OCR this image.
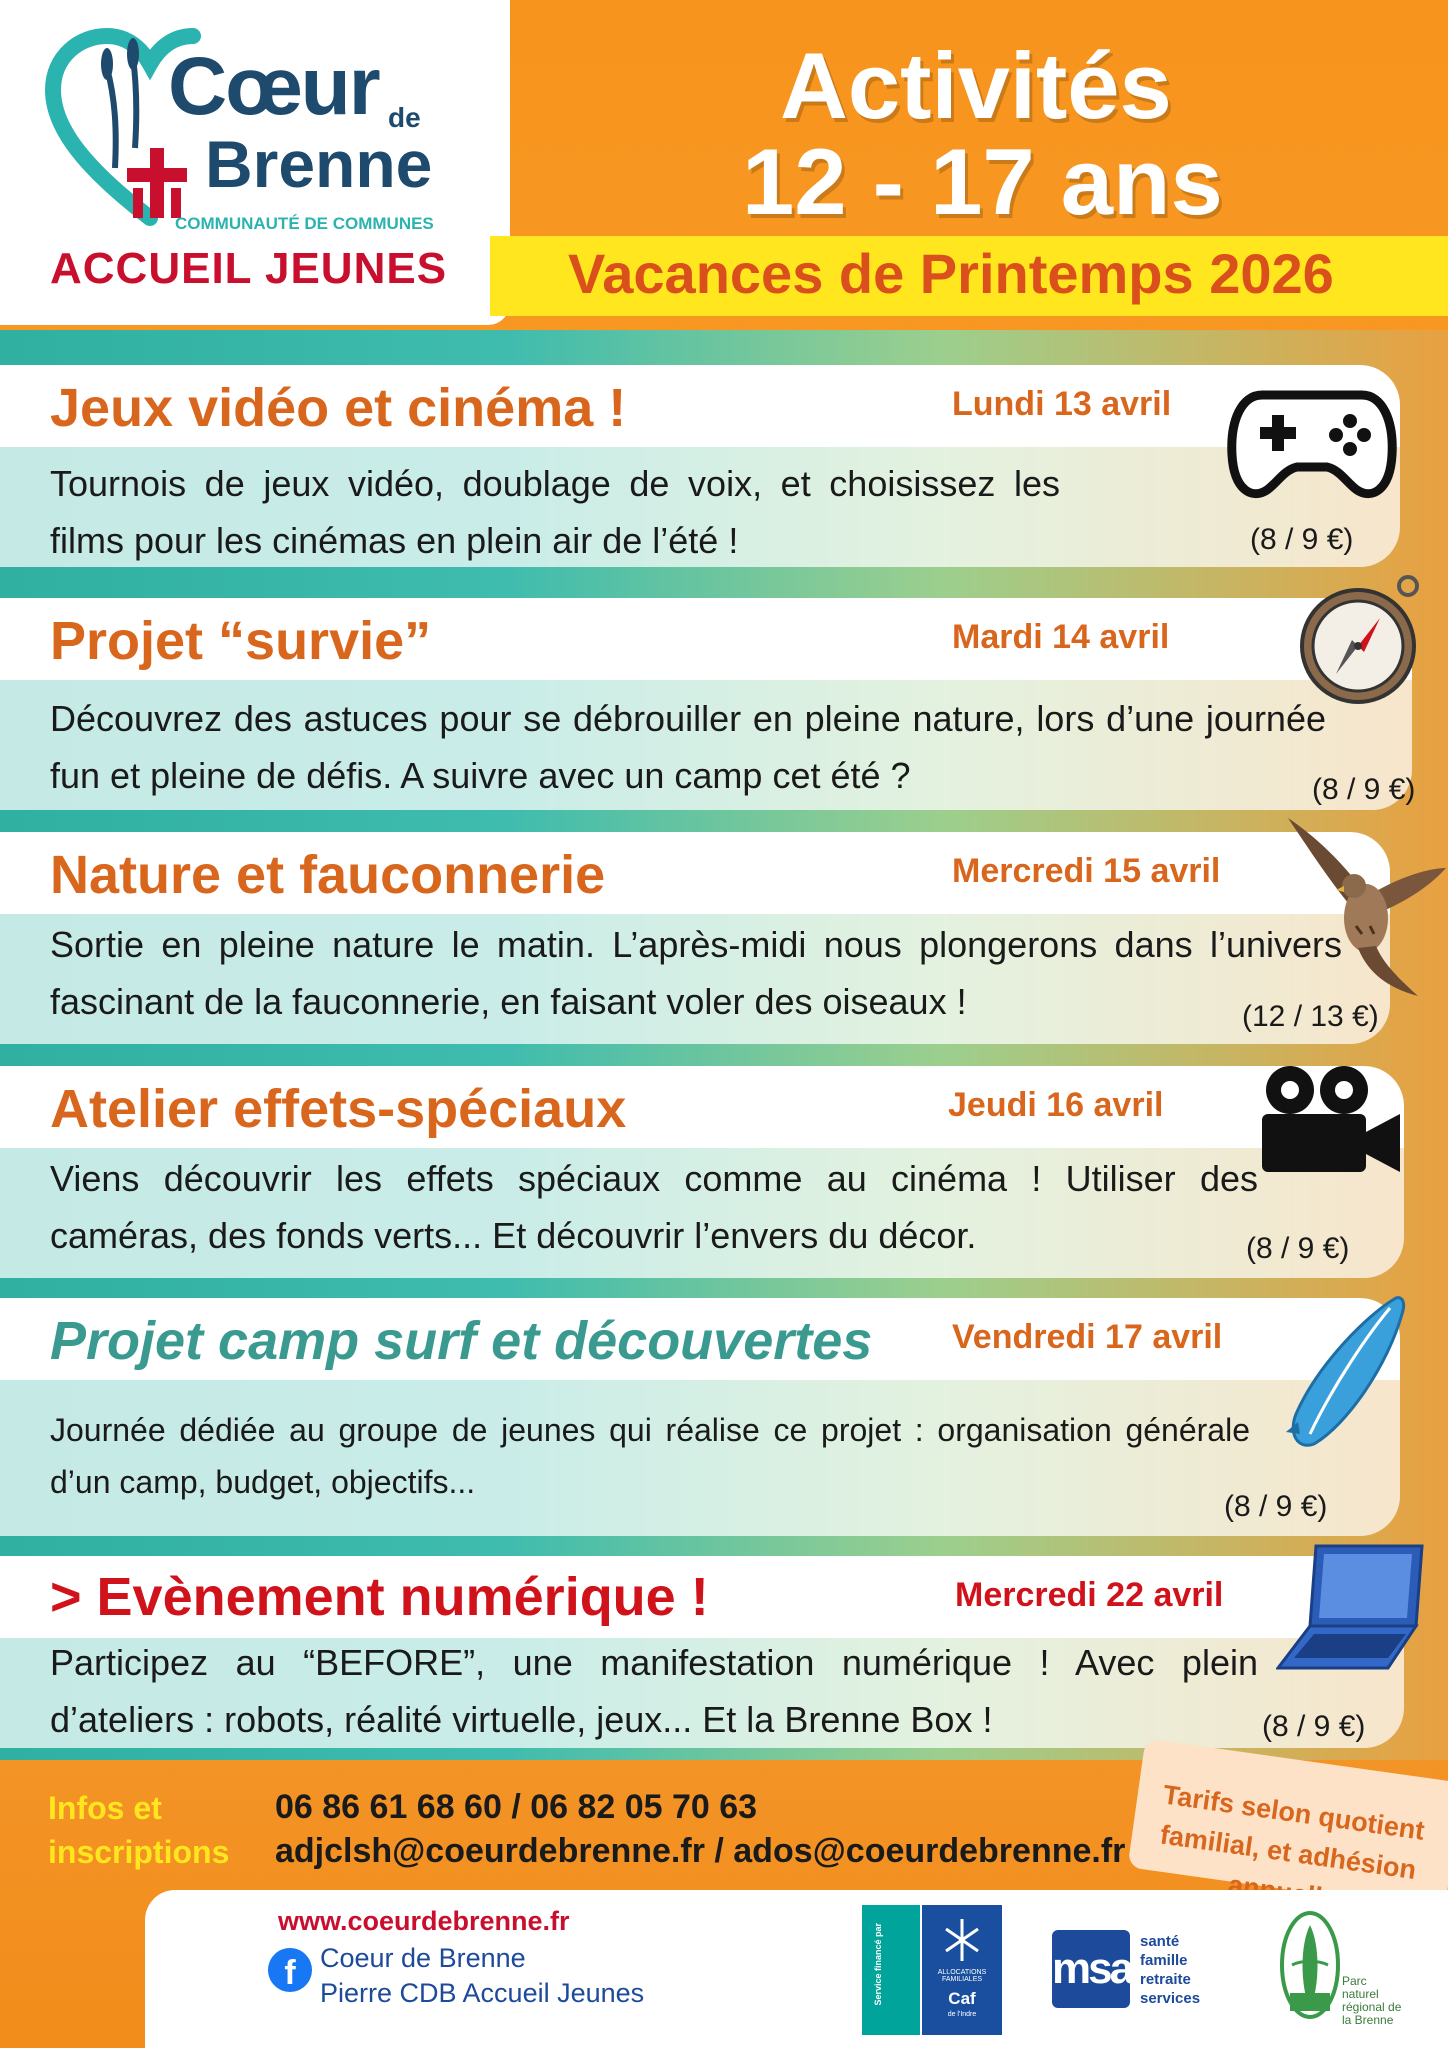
Cœur de
Brenne
COMMUNAUTÉ DE COMMUNES
ACCUEIL JEUNES
Activités
12 - 17 ans
Vacances de Printemps 2026
Jeux vidéo et cinéma !	Lundi 13 avril
Tournois de jeux vidéo, doublage de voix, et choisissez les films pour les cinémas en plein air de l’été !	(8 / 9 €)
Projet “survie”	Mardi 14 avril
Découvrez des astuces pour se débrouiller en pleine nature, lors d’une journée fun et pleine de défis. A suivre avec un camp cet été ?	(8 / 9 €)
Nature et fauconnerie	Mercredi 15 avril
Sortie en pleine nature le matin. L’après-midi nous plongerons dans l’univers fascinant de la fauconnerie, en faisant voler des oiseaux !	(12 / 13 €)
Atelier effets-spéciaux	Jeudi 16 avril
Viens découvrir les effets spéciaux comme au cinéma ! Utiliser des caméras, des fonds verts... Et découvrir l’envers du décor.	(8 / 9 €)
Projet camp surf et découvertes Vendredi 17 avril
Journée dédiée au groupe de jeunes qui réalise ce projet : organisation générale d’un camp, budget, objectifs...
(8 / 9 €)
> Evènement numérique !	Mercredi 22 avril
Participez au “BEFORE”, une manifestation numérique ! Avec plein d’ateliers : robots, réalité virtuelle, jeux... Et la Brenne Box !	(8 / 9 €)
Infos et
inscriptions
06 86 61 68 60 / 06 82 05 70 63
adjclsh@coeurdebrenne.fr / ados@coeurdebrenne.fr
Tarifs selon quotient familial, et adhésion
www.coeurdebrenne.fr
f Coeur de Brenne
Pierre CDB Accueil Jeunes	Service financé par	ALLOCATIONS FAMILIALES
Caf
de l'Indre
msa
santé
famille
retraite
services
Parc naturel régional de la Brenne
